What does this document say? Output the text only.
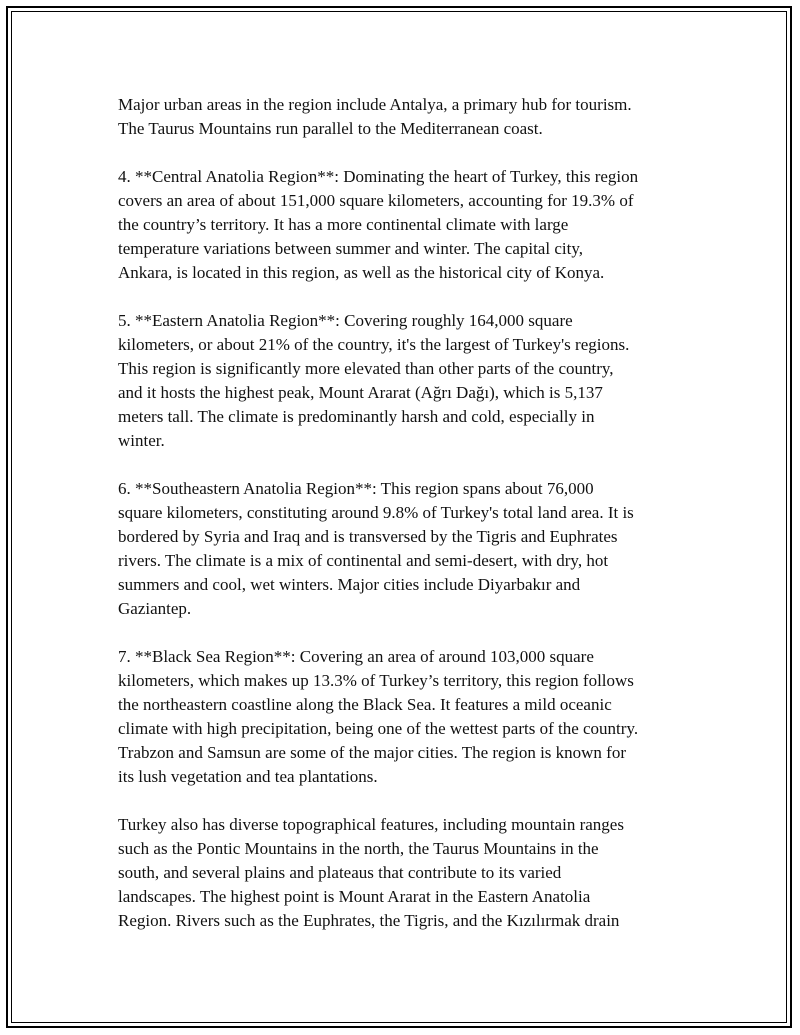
Major urban areas in the region include Antalya, a primary hub for tourism.
The Taurus Mountains run parallel to the Mediterranean coast.

4. **Central Anatolia Region**: Dominating the heart of Turkey, this region
covers an area of about 151,000 square kilometers, accounting for 19.3% of
the country’s territory. It has a more continental climate with large
temperature variations between summer and winter. The capital city,
Ankara, is located in this region, as well as the historical city of Konya.

5. **Eastern Anatolia Region**: Covering roughly 164,000 square
kilometers, or about 21% of the country, it's the largest of Turkey's regions.
This region is significantly more elevated than other parts of the country,
and it hosts the highest peak, Mount Ararat (Ağrı Dağı), which is 5,137
meters tall. The climate is predominantly harsh and cold, especially in
winter.

6. **Southeastern Anatolia Region**: This region spans about 76,000
square kilometers, constituting around 9.8% of Turkey's total land area. It is
bordered by Syria and Iraq and is transversed by the Tigris and Euphrates
rivers. The climate is a mix of continental and semi-desert, with dry, hot
summers and cool, wet winters. Major cities include Diyarbakır and
Gaziantep.

7. **Black Sea Region**: Covering an area of around 103,000 square
kilometers, which makes up 13.3% of Turkey’s territory, this region follows
the northeastern coastline along the Black Sea. It features a mild oceanic
climate with high precipitation, being one of the wettest parts of the country.
Trabzon and Samsun are some of the major cities. The region is known for
its lush vegetation and tea plantations.

Turkey also has diverse topographical features, including mountain ranges
such as the Pontic Mountains in the north, the Taurus Mountains in the
south, and several plains and plateaus that contribute to its varied
landscapes. The highest point is Mount Ararat in the Eastern Anatolia
Region. Rivers such as the Euphrates, the Tigris, and the Kızılırmak drain
